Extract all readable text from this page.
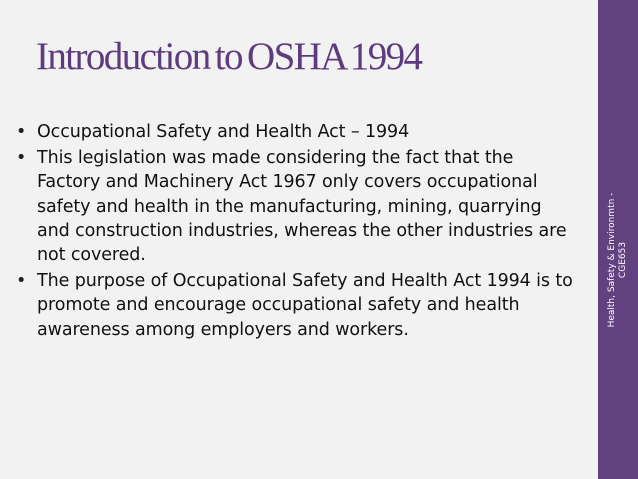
Introduction to OSHA 1994
• Occupational Safety and Health Act – 1994
• This legislation was made considering the fact that the Factory and Machinery Act 1967 only covers occupational safety and health in the manufacturing, mining, quarrying and construction industries, whereas the other industries are not covered.
• The purpose of Occupational Safety and Health Act 1994 is to promote and encourage occupational safety and health awareness among employers and workers.
Health, Safety & Environmtn - CGE653
